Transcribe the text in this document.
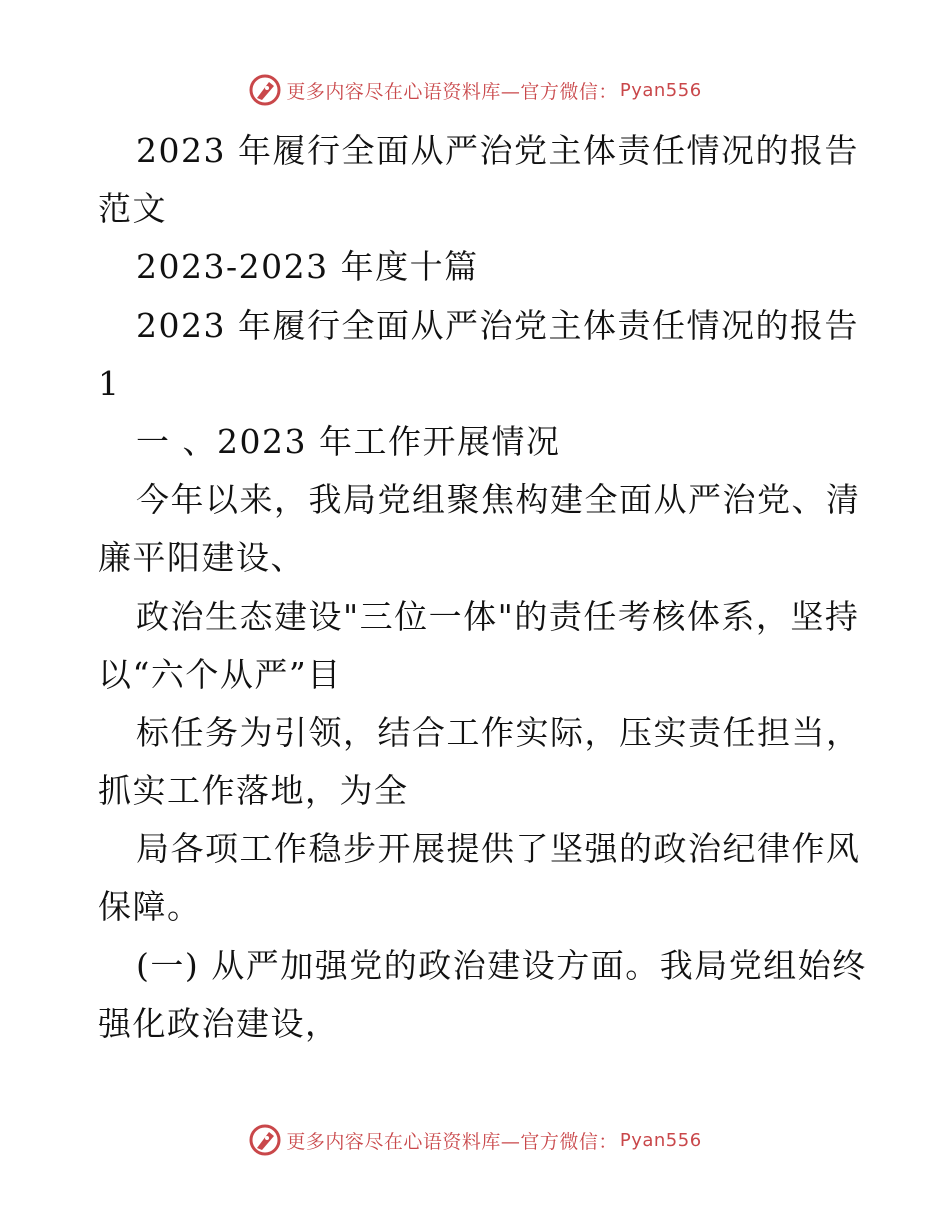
更多内容尽在心语资料库—官方微信： Pyan556
2023 年履行全面从严治党主体责任情况的报告
范文
2023-2023 年度十篇
2023 年履行全面从严治党主体责任情况的报告
1
一 、2023 年工作开展情况
今年以来，我局党组聚焦构建全面从严治党、清
廉平阳建设、
政治生态建设"三位一体"的责任考核体系，坚持
以“六个从严”目
标任务为引领，结合工作实际，压实责任担当，
抓实工作落地，为全
局各项工作稳步开展提供了坚强的政治纪律作风
保障。
(一) 从严加强党的政治建设方面。我局党组始终
强化政治建设，
更多内容尽在心语资料库—官方微信： Pyan556
